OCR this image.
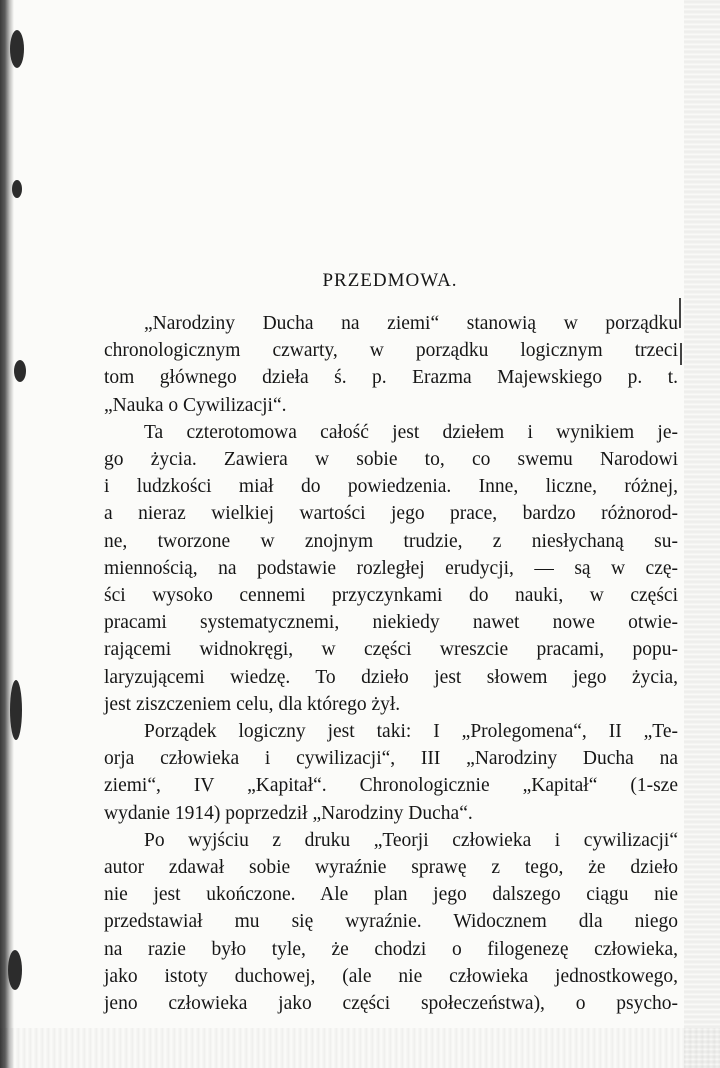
PRZEDMOWA.
„Narodziny Ducha na ziemi“ stanowią w porządku
chronologicznym czwarty, w porządku logicznym trzeci
tom głównego dzieła ś. p. Erazma Majewskiego p. t.
„Nauka o Cywilizacji“.
Ta czterotomowa całość jest dziełem i wynikiem je-
go życia. Zawiera w sobie to, co swemu Narodowi
i ludzkości miał do powiedzenia. Inne, liczne, różnej,
a nieraz wielkiej wartości jego prace, bardzo różnorod-
ne, tworzone w znojnym trudzie, z niesłychaną su-
miennością, na podstawie rozległej erudycji, — są w czę-
ści wysoko cennemi przyczynkami do nauki, w części
pracami systematycznemi, niekiedy nawet nowe otwie-
rającemi widnokręgi, w części wreszcie pracami, popu-
laryzującemi wiedzę. To dzieło jest słowem jego życia,
jest ziszczeniem celu, dla którego żył.
Porządek logiczny jest taki: I „Prolegomena“, II „Te-
orja człowieka i cywilizacji“, III „Narodziny Ducha na
ziemi“, IV „Kapitał“. Chronologicznie „Kapitał“ (1-sze
wydanie 1914) poprzedził „Narodziny Ducha“.
Po wyjściu z druku „Teorji człowieka i cywilizacji“
autor zdawał sobie wyraźnie sprawę z tego, że dzieło
nie jest ukończone. Ale plan jego dalszego ciągu nie
przedstawiał mu się wyraźnie. Widocznem dla niego
na razie było tyle, że chodzi o filogenezę człowieka,
jako istoty duchowej, (ale nie człowieka jednostkowego,
jeno człowieka jako części społeczeństwa), o psycho-
